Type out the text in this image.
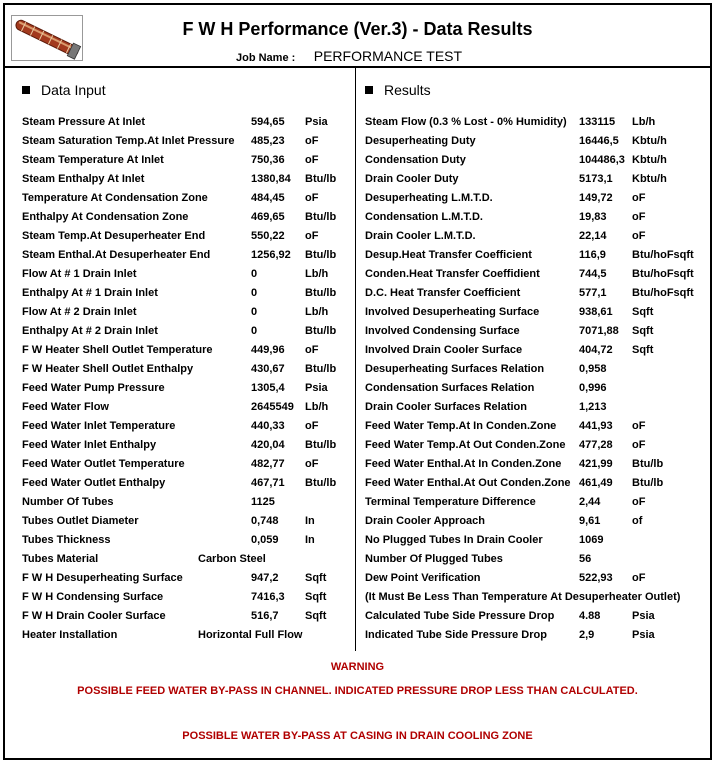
F W H Performance (Ver.3) - Data Results
Job Name : PERFORMANCE TEST
Data Input	Results
Steam Pressure At Inlet	594,65 Psia
Steam Saturation Temp.At Inlet Pressure 485,23 oF
Steam Temperature At Inlet	750,36 oF
Steam Enthalpy At Inlet	1380,84 Btu/lb
Temperature At Condensation Zone	484,45 oF
Enthalpy At Condensation Zone	469,65 Btu/lb
Steam Temp.At Desuperheater End	550,22 oF
Steam Enthal.At Desuperheater End	1256,92 Btu/lb
Flow At # 1 Drain Inlet	0	Lb/h
Enthalpy At # 1 Drain Inlet	0	Btu/lb
Flow At # 2 Drain Inlet	0	Lb/h
Enthalpy At # 2 Drain Inlet	0	Btu/lb
F W Heater Shell Outlet Temperature	449,96 oF
F W Heater Shell Outlet Enthalpy	430,67 Btu/lb
Feed Water Pump Pressure	1305,4 Psia
Feed Water Flow	2645549 Lb/h
Feed Water Inlet Temperature	440,33 oF
Feed Water Inlet Enthalpy	420,04 Btu/lb
Feed Water Outlet Temperature	482,77 oF
Feed Water Outlet Enthalpy	467,71 Btu/lb
Number Of Tubes	1125
Tubes Outlet Diameter	0,748 In
Tubes Thickness	0,059 In
Tubes Material	Carbon Steel
F W H Desuperheating Surface	947,2 Sqft
F W H Condensing Surface	7416,3 Sqft
F W H Drain Cooler Surface	516,7 Sqft
Heater Installation	Horizontal Full Flow
Steam Flow (0.3 % Lost - 0% Humidity) 133115 Lb/h
Desuperheating Duty	16446,5 Kbtu/h
Condensation Duty	104486,3 Kbtu/h
Drain Cooler Duty	5173,1 Kbtu/h
Desuperheating L.M.T.D.	149,72 oF
Condensation L.M.T.D.	19,83 oF
Drain Cooler L.M.T.D.	22,14 oF
Desup.Heat Transfer Coefficient	116,9 Btu/hoFsqft
Conden.Heat Transfer Coeffidient	744,5 Btu/hoFsqft
D.C. Heat Transfer Coefficient	577,1 Btu/hoFsqft
Involved Desuperheating Surface	938,61 Sqft
Involved Condensing Surface	7071,88 Sqft
Involved Drain Cooler Surface	404,72 Sqft
Desuperheating Surfaces Relation	0,958
Condensation Surfaces Relation	0,996
Drain Cooler Surfaces Relation	1,213
Feed Water Temp.At In Conden.Zone 441,93 oF
Feed Water Temp.At Out Conden.Zone 477,28 oF
Feed Water Enthal.At In Conden.Zone 421,99 Btu/lb
Feed Water Enthal.At Out Conden.Zone 461,49 Btu/lb
Terminal Temperature Difference	2,44	oF
Drain Cooler Approach	9,61	of
No Plugged Tubes In Drain Cooler	1069
Number Of Plugged Tubes	56
Dew Point Verification	522,93 oF
(It Must Be Less Than Temperature At Desuperheater Outlet)
Calculated Tube Side Pressure Drop 4.88	Psia
Indicated Tube Side Pressure Drop	2,9	Psia
WARNING
POSSIBLE FEED WATER BY-PASS IN CHANNEL. INDICATED PRESSURE DROP LESS THAN CALCULATED.
POSSIBLE WATER BY-PASS AT CASING IN DRAIN COOLING ZONE
